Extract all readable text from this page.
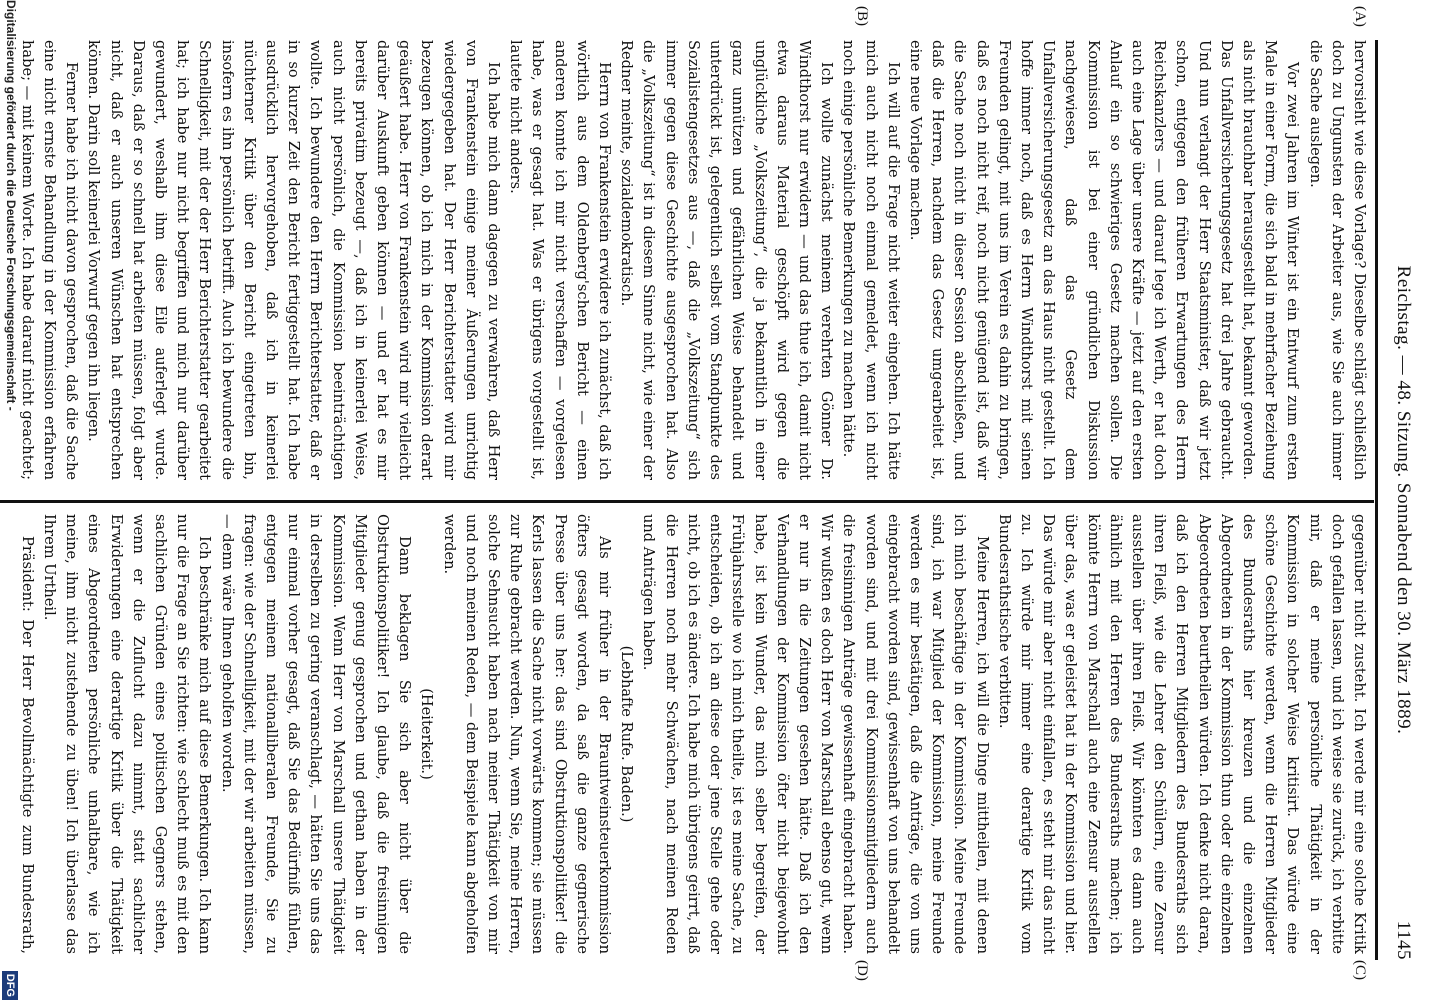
Reichstag. — 48. Sitzung. Sonnabend den 30. März 1889.
1145
(A)
(B)
(C)
(D)

hervorsieht wie diese Vorlage? Dieselbe schlägt schließlich doch zu Ungunsten der Arbeiter aus, wie Sie auch immer die Sache auslegen.

Vor zwei Jahren im Winter ist ein Entwurf zum ersten Male in einer Form, die sich bald in mehrfacher Beziehung als nicht brauchbar herausgestellt hat, bekannt geworden. Das Unfallversicherungsgesetz hat drei Jahre gebraucht. Und nun verlangt der Herr Staatsminister, daß wir jetzt schon, entgegen den früheren Erwartungen des Herrn Reichskanzlers — und darauf lege ich Werth, er hat doch auch eine Lage über unsere Kräfte — jetzt auf den ersten Anlauf ein so schwieriges Gesetz machen sollen. Die Kommission ist bei einer gründlichen Diskussion nachgewiesen, daß das Gesetz dem Unfallversicherungsgesetz an das Haus nicht gestellt. Ich hoffe immer noch, daß es Herrn Windthorst mit seinen Freunden gelingt, mit uns im Verein es dahin zu bringen, daß es noch nicht reif, noch nicht genügend ist, daß wir die Sache noch nicht in dieser Session abschließen, und daß die Herren, nachdem das Gesetz umgearbeitet ist, eine neue Vorlage machen.

Ich will auf die Frage nicht weiter eingehen. Ich hätte mich auch nicht noch einmal gemeldet, wenn ich nicht noch einige persönliche Bemerkungen zu machen hätte.

Ich wollte zunächst meinem verehrten Gönner Dr. Windthorst nur erwidern — und das thue ich, damit nicht etwa daraus Material geschöpft wird gegen die unglückliche „Volkszeitung“, die ja bekanntlich in einer ganz unnützen und gefährlichen Weise behandelt und unterdrückt ist, gelegentlich selbst vom Standpunkte des Sozialistengesetzes aus —, daß die „Volkszeitung“ sich immer gegen diese Geschichte ausgesprochen hat. Also die „Volkszeitung“ ist in diesem Sinne nicht, wie einer der Redner meinte, sozialdemokratisch.

Herrn von Frankenstein erwidere ich zunächst, daß ich wörtlich aus dem Oldenberg'schen Bericht — einen anderen konnte ich mir nicht verschaffen — vorgelesen habe, was er gesagt hat. Was er übrigens vorgestellt ist, lautete nicht anders.

Ich habe mich dann dagegen zu verwahren, daß Herr von Frankenstein einige meiner Äußerungen unrichtig wiedergegeben hat. Der Herr Berichterstatter wird mir bezeugen können, ob ich mich in der Kommission derart geäußert habe. Herr von Frankenstein wird mir vielleicht darüber Auskunft geben können — und er hat es mir bereits privatim bezeugt —, daß ich in keinerlei Weise, auch nicht persönlich, die Kommission beeinträchtigen wollte. Ich bewundere den Herrn Berichterstatter, daß er in so kurzer Zeit den Bericht fertiggestellt hat. Ich habe ausdrücklich hervorgehoben, daß ich in keinerlei nüchterner Kritik über den Bericht eingetreten bin, insofern es ihn persönlich betrifft. Auch ich bewundere die Schnelligkeit, mit der der Herr Berichterstatter gearbeitet hat; ich habe nur nicht begriffen und mich nur darüber gewundert, weshalb ihm diese Eile auferlegt wurde. Daraus, daß er so schnell hat arbeiten müssen, folgt aber nicht, daß er auch unseren Wünschen hat entsprechen können. Darin soll keinerlei Vorwurf gegen ihn liegen.

Ferner habe ich nicht davon gesprochen, daß die Sache eine nicht ernste Behandlung in der Kommission erfahren habe; — mit keinem Worte. Ich habe darauf nicht geachtet;

gegenüber nicht zusteht. Ich werde mir eine solche Kritik doch gefallen lassen, und ich weise sie zurück, ich verbitte mir, daß er meine persönliche Thätigkeit in der Kommission in solcher Weise kritisirt. Das würde eine schöne Geschichte werden, wenn die Herren Mitglieder des Bundesraths hier kreuzen und die einzelnen Abgeordneten in der Kommission thun oder die einzelnen Abgeordneten beurtheilen würden. Ich denke nicht daran, daß ich den Herren Mitgliedern des Bundesraths sich ihren Fleiß, wie die Lehrer den Schülern, eine Zensur ausstellen über ihren Fleiß. Wir könnten es dann auch ähnlich mit den Herren des Bundesraths machen; ich könnte Herrn von Marschall auch eine Zensur ausstellen über das, was er geleistet hat in der Kommission und hier. Das würde mir aber nicht einfallen, es steht mir das nicht zu. Ich würde mir immer eine derartige Kritik vom Bundesrathstische verbitten.

Meine Herren, ich will die Dinge mittheilen, mit denen ich mich beschäftige in der Kommission. Meine Freunde sind, ich war Mitglied der Kommission, meine Freunde werden es mir bestätigen, daß die Anträge, die von uns eingebracht worden sind, gewissenhaft von uns behandelt worden sind, und mit drei Kommissionsmitgliedern auch die freisinnigen Anträge gewissenhaft eingebracht haben. Wir wußten es doch Herr von Marschall ebenso gut, wenn er nur in die Zeitungen gesehen hätte. Daß ich den Verhandlungen der Kommission öfter nicht beigewohnt habe, ist kein Wunder, das mich selber begreifen, der Frühjahrsstelle wo ich mich theilte, ist es meine Sache, zu entscheiden, ob ich an diese oder jene Stelle gehe oder nicht, ob ich es ändere. Ich habe mich übrigens geirrt, daß die Herren noch mehr Schwächen, nach meinen Reden und Anträgen haben.

(Lebhafte Rufe. Baden.)

Als mir früher in der Brauntweinsteuerkommission öfters gesagt worden, da saß die ganze gegnerische Presse über uns her: das sind Obstruktionspolitiker! die Kerls lassen die Sache nicht vorwärts kommen; sie müssen zur Ruhe gebracht werden. Nun, wenn Sie, meine Herren, solche Sehnsucht haben nach meiner Thätigkeit von mir und noch meinen Reden, — dem Beispiele kann abgeholfen werden.

(Heiterkeit.)

Dann beklagen Sie sich aber nicht über die Obstruktionspolitiker! Ich glaube, daß die freisinnigen Mitglieder genug gesprochen und gethan haben in der Kommission. Wenn Herr von Marschall unsere Thätigkeit in derselben zu gering veranschlagt, — hätten Sie uns das nur einmal vorher gesagt, daß Sie das Bedürfniß fühlen, entgegen meinem nationalliberalen Freunde, Sie zu fragen: wie der Schnelligkeit, mit der wir arbeiten müssen, — denn wäre Ihnen geholfen worden.

Ich beschränke mich auf diese Bemerkungen. Ich kann nur die Frage an Sie richten: wie schlecht muß es mit den sachlichen Gründen eines politischen Gegners stehen, wenn er die Zuflucht dazu nimmt, statt sachlicher Erwiderungen eine derartige Kritik über die Thätigkeit eines Abgeordneten persönliche unhaltbare, wie ich meine, ihm nicht zustehende zu üben! Ich überlasse das Ihrem Urtheil.

Präsident: Der Herr Bevollmächtigte zum Bundesrath,

Digitalisierung gefördert durch die Deutsche Forschungsgemeinschaft -
DFG
